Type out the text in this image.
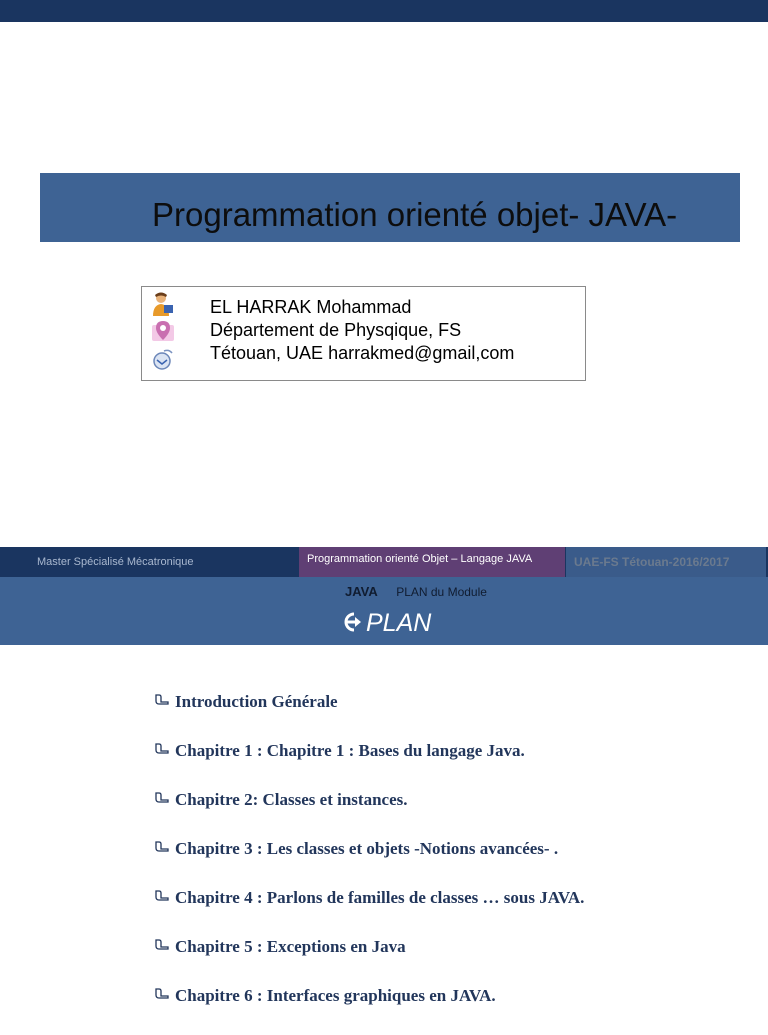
Programmation orienté objet- JAVA-
EL HARRAK Mohammad
Département de Physqique, FS
Tétouan, UAE harrakmed@gmail,com
Master Spécialisé Mécatronique	Programmation orienté Objet – Langage JAVA	UAE-FS Tétouan-2016/2017
JAVA PLAN du Module
PLAN
Introduction Générale
Chapitre 1 : Chapitre 1 : Bases du langage Java.
Chapitre 2: Classes et instances.
Chapitre 3 : Les classes et objets -Notions avancées- .
Chapitre 4 : Parlons de familles de classes … sous JAVA.
Chapitre 5 : Exceptions en Java
Chapitre 6 : Interfaces graphiques en JAVA.
